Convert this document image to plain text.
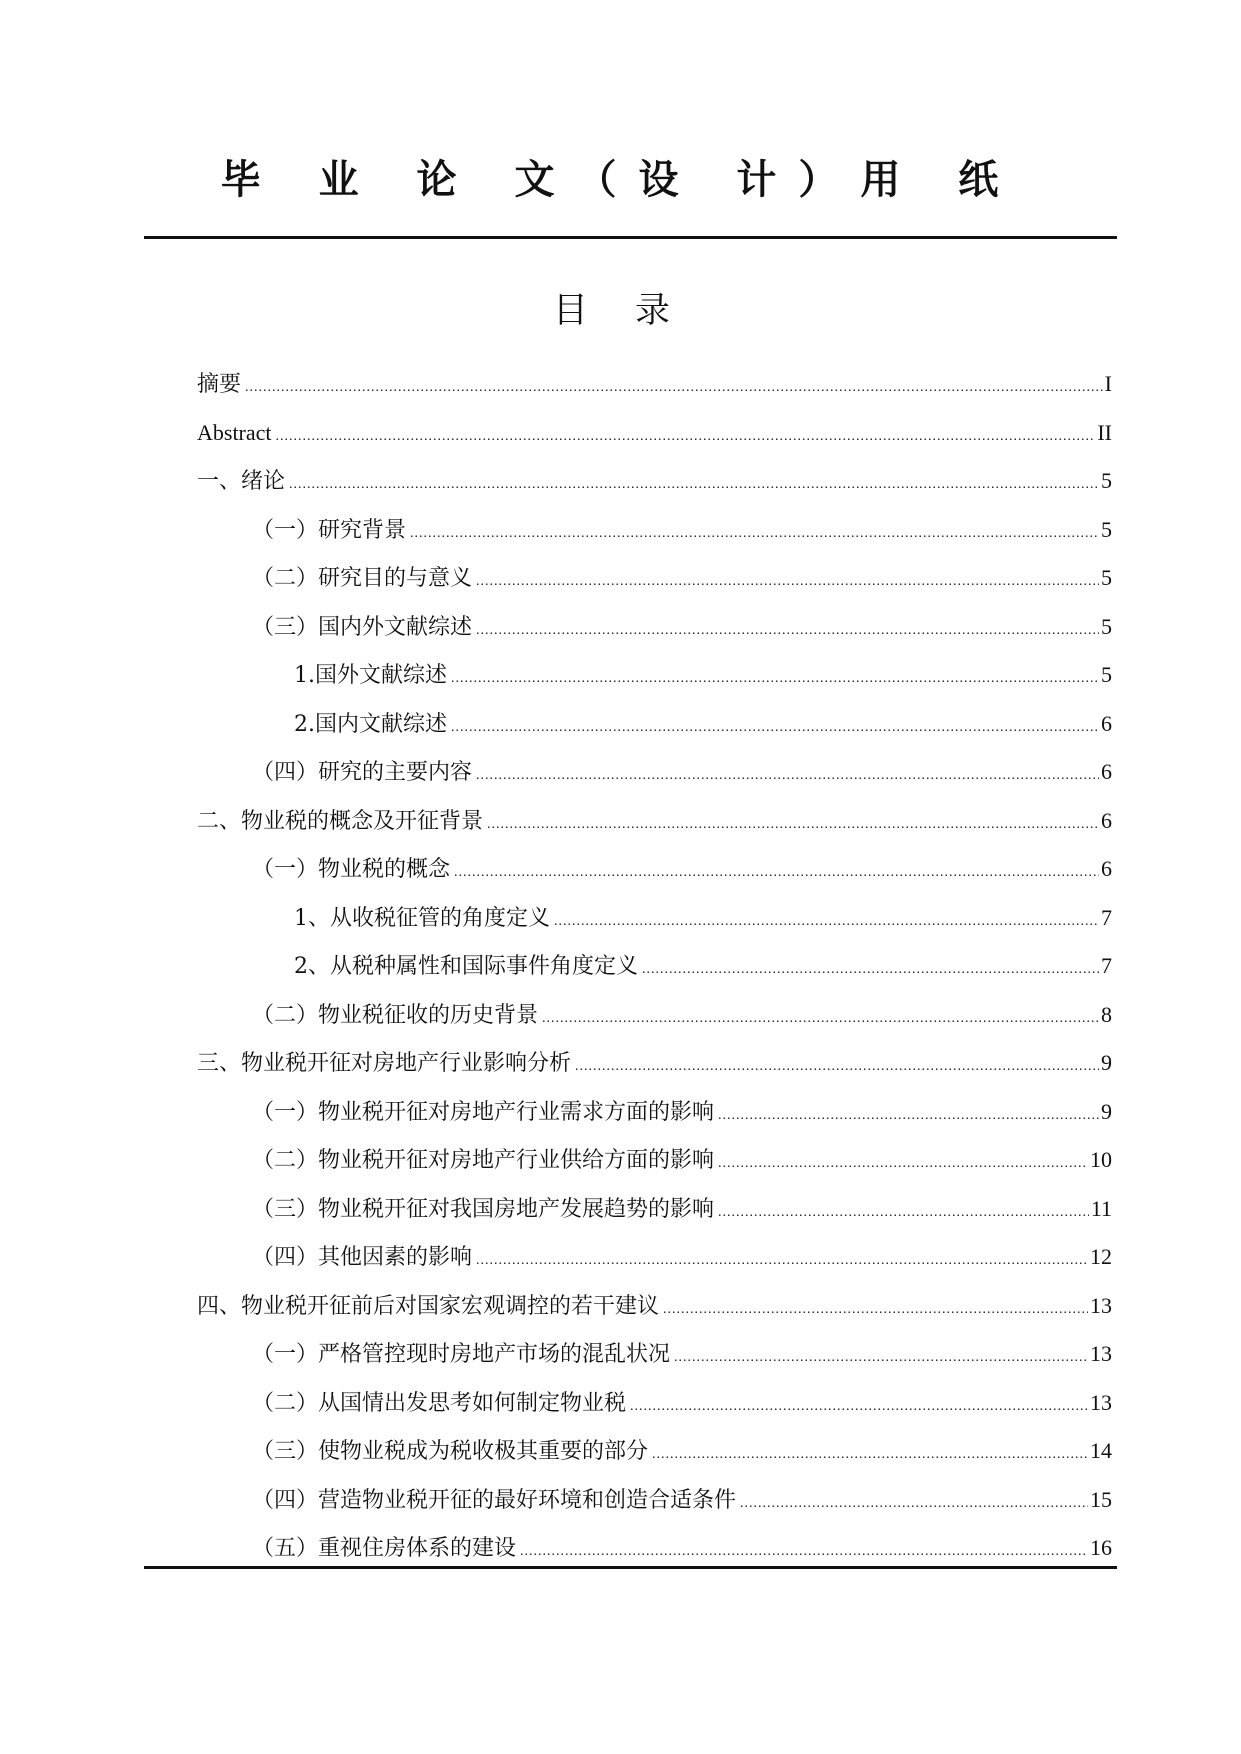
毕 业 论 文（设 计）用 纸
目 录
摘要 .....	I
Abstract .....	II
一、绪论 .....	5
（一）研究背景 .....	5
（二）研究目的与意义 .....	5
（三）国内外文献综述 .....	5
1.国外文献综述 .....	5
2.国内文献综述 .....	6
（四）研究的主要内容 .....	6
二、物业税的概念及开征背景 .....	6
（一）物业税的概念 .....	6
1、从收税征管的角度定义 .....	7
2、从税种属性和国际事件角度定义 .....	7
（二）物业税征收的历史背景 .....	8
三、物业税开征对房地产行业影响分析 .....	9
（一）物业税开征对房地产行业需求方面的影响 .....	9
（二）物业税开征对房地产行业供给方面的影响 .....	10
（三）物业税开征对我国房地产发展趋势的影响 .....	11
（四）其他因素的影响 .....	12
四、物业税开征前后对国家宏观调控的若干建议 .....	13
（一）严格管控现时房地产市场的混乱状况 .....	13
（二）从国情出发思考如何制定物业税 .....	13
（三）使物业税成为税收极其重要的部分 .....	14
（四）营造物业税开征的最好环境和创造合适条件 .....	15
（五）重视住房体系的建设 .....	16
